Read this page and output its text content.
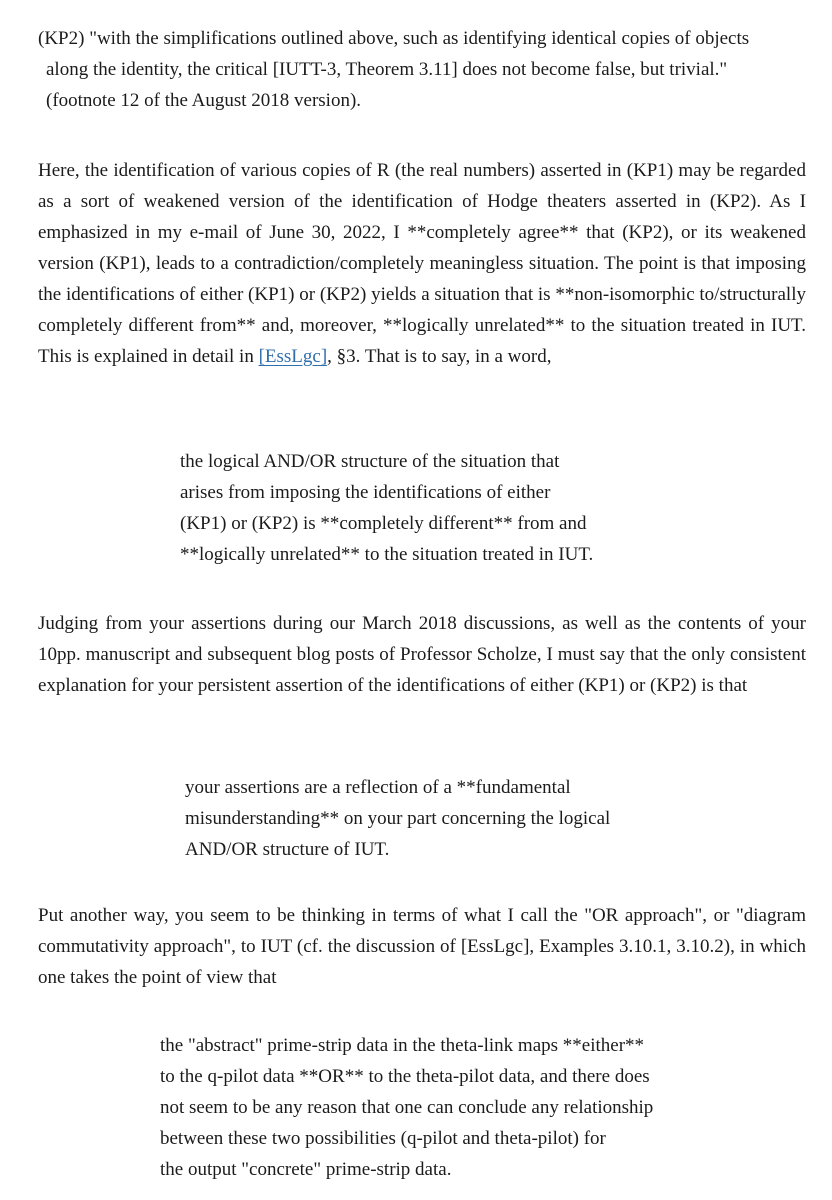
(KP2) "with the simplifications outlined above, such as identifying identical copies of objects
along the identity, the critical [IUTT-3, Theorem 3.11] does not become false, but trivial."
(footnote 12 of the August 2018 version).

Here, the identification of various copies of R (the real numbers) asserted in (KP1) may be regarded as a sort of weakened version of the identification of Hodge theaters asserted in (KP2). As I emphasized in my e-mail of June 30, 2022, I **completely agree** that (KP2), or its weakened version (KP1), leads to a contradiction/completely meaningless situation. The point is that imposing the identifications of either (KP1) or (KP2) yields a situation that is **non-isomorphic to/structurally completely different from** and, moreover, **logically unrelated** to the situation treated in IUT. This is explained in detail in [EssLgc], §3. That is to say, in a word,

the logical AND/OR structure of the situation that
arises from imposing the identifications of either
(KP1) or (KP2) is **completely different** from and
**logically unrelated** to the situation treated in IUT.

Judging from your assertions during our March 2018 discussions, as well as the contents of your 10pp. manuscript and subsequent blog posts of Professor Scholze, I must say that the only consistent explanation for your persistent assertion of the identifications of either (KP1) or (KP2) is that

your assertions are a reflection of a **fundamental
misunderstanding** on your part concerning the logical
AND/OR structure of IUT.

Put another way, you seem to be thinking in terms of what I call the "OR approach", or "diagram commutativity approach", to IUT (cf. the discussion of [EssLgc], Examples 3.10.1, 3.10.2), in which one takes the point of view that

the "abstract" prime-strip data in the theta-link maps **either**
to the q-pilot data **OR** to the theta-pilot data, and there does
not seem to be any reason that one can conclude any relationship
between these two possibilities (q-pilot and theta-pilot) for
the output "concrete" prime-strip data.
